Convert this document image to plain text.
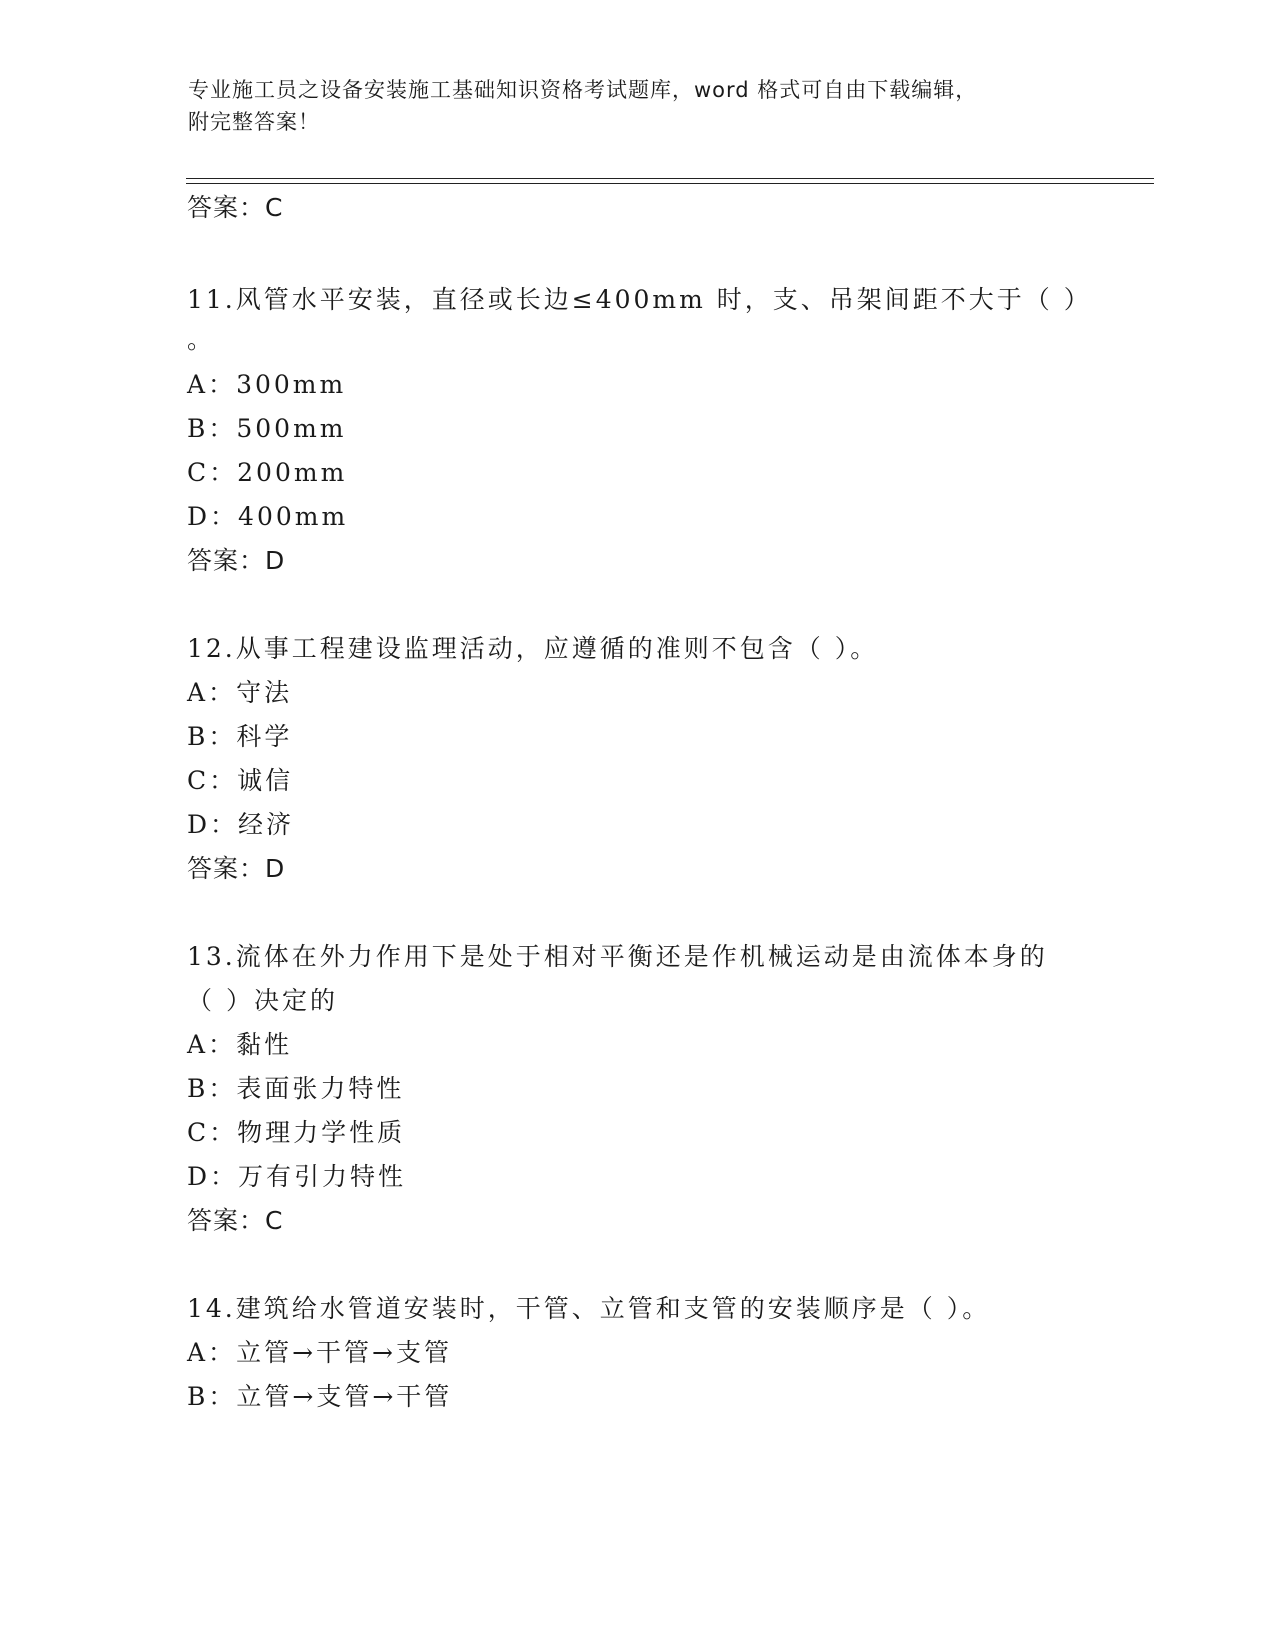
专业施工员之设备安装施工基础知识资格考试题库，word 格式可自由下载编辑，
附完整答案！
答案：C
11.风管水平安装，直径或长边≤400mm 时，支、吊架间距不大于（ ）
。
A：300mm
B：500mm
C：200mm
D：400mm
答案：D
12.从事工程建设监理活动，应遵循的准则不包含（ ）。
A：守法
B：科学
C：诚信
D：经济
答案：D
13.流体在外力作用下是处于相对平衡还是作机械运动是由流体本身的
（ ）决定的
A：黏性
B：表面张力特性
C：物理力学性质
D：万有引力特性
答案：C
14.建筑给水管道安装时，干管、立管和支管的安装顺序是（ ）。
A：立管→干管→支管
B：立管→支管→干管
